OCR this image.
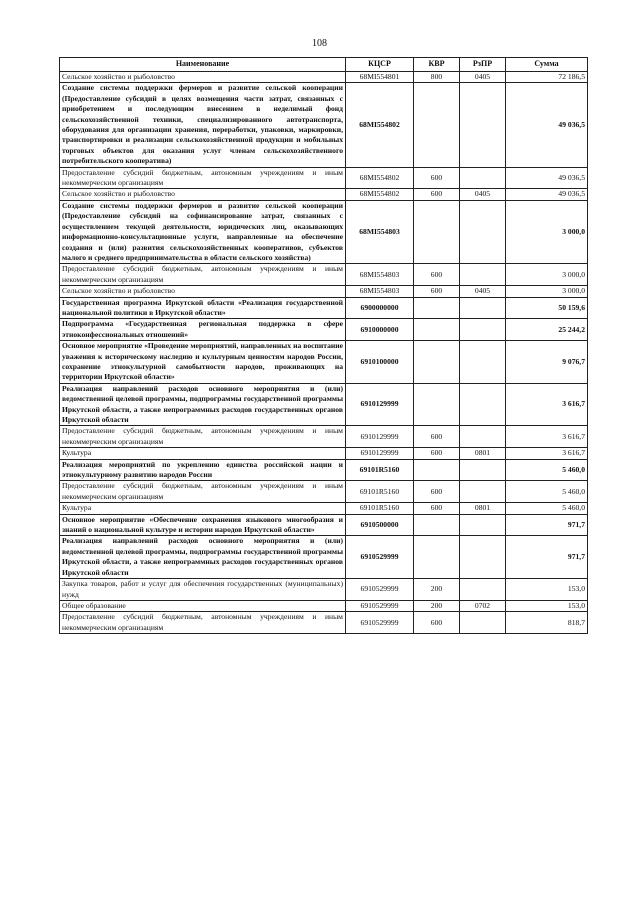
108
Наименование	КЦСР	КВР	РзПР	Сумма
Сельское хозяйство и рыболовство	68MI554801	800	0405	72 186,5
Создание системы поддержки фермеров и развитие сельской кооперации (Предоставление субсидий в целях возмещения части затрат, связанных с приобретением и последующим внесением в неделимый фонд сельскохозяйственной техники, специализированного автотранспорта, оборудования для организации хранения, переработки, упаковки, маркировки, транспортировки и реализации сельскохозяйственной продукции и мобильных торговых объектов для оказания услуг членам сельскохозяйственного потребительского кооператива)	68MI554802			49 036,5
Предоставление субсидий бюджетным, автономным учреждениям и иным некоммерческим организациям	68MI554802	600		49 036,5
Сельское хозяйство и рыболовство	68MI554802	600	0405	49 036,5
Создание системы поддержки фермеров и развитие сельской кооперации (Предоставление субсидий на софинансирование затрат, связанных с осуществлением текущей деятельности, юридических лиц, оказывающих информационно-консультационные услуги, направленные на обеспечение создания и (или) развития сельскохозяйственных кооперативов, субъектов малого и среднего предпринимательства в области сельского хозяйства)	68MI554803			3 000,0
Предоставление субсидий бюджетным, автономным учреждениям и иным некоммерческим организациям	68MI554803	600		3 000,0
Сельское хозяйство и рыболовство	68MI554803	600	0405	3 000,0
Государственная программа Иркутской области «Реализация государственной национальной политики в Иркутской области»	6900000000			50 159,6
Подпрограмма «Государственная региональная поддержка в сфере этноконфессиональных отношений»	6910000000			25 244,2
Основное мероприятие «Проведение мероприятий, направленных на воспитание уважения к историческому наследию и культурным ценностям народов России, сохранение этнокультурной самобытности народов, проживающих на территории Иркутской области»	6910100000			9 076,7
Реализация направлений расходов основного мероприятия и (или) ведомственной целевой программы, подпрограммы государственной программы Иркутской области, а также непрограммных расходов государственных органов Иркутской области	6910129999			3 616,7
Предоставление субсидий бюджетным, автономным учреждениям и иным некоммерческим организациям	6910129999	600		3 616,7
Культура	6910129999	600	0801	3 616,7
Реализация мероприятий по укреплению единства российской нации и этнокультурному развитию народов России	69101R5160			5 460,0
Предоставление субсидий бюджетным, автономным учреждениям и иным некоммерческим организациям	69101R5160	600		5 460,0
Культура	69101R5160	600	0801	5 460,0
Основное мероприятие «Обеспечение сохранения языкового многообразия и знаний о национальной культуре и истории народов Иркутской области»	6910500000			971,7
Реализация направлений расходов основного мероприятия и (или) ведомственной целевой программы, подпрограммы государственной программы Иркутской области, а также непрограммных расходов государственных органов Иркутской области	6910529999			971,7
Закупка товаров, работ и услуг для обеспечения государственных (муниципальных) нужд	6910529999	200		153,0
Общее образование	6910529999	200	0702	153,0
Предоставление субсидий бюджетным, автономным учреждениям и иным некоммерческим организациям	6910529999	600		818,7
